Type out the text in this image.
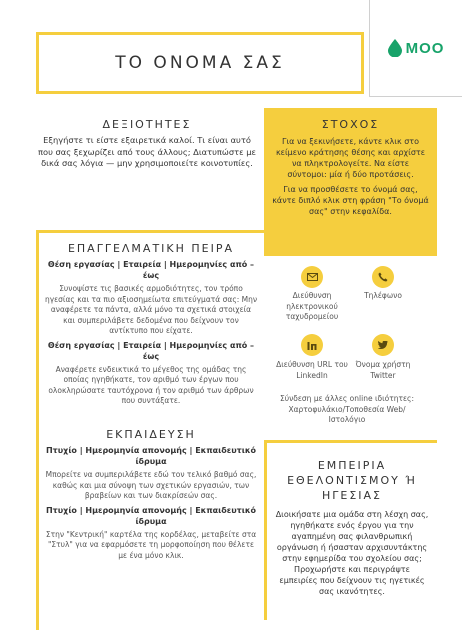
ΤΟ ΟΝΟΜΑ ΣΑΣ
MOO
ΔΕΞΙΟΤΗΤΕΣ
Εξηγήστε τι είστε εξαιρετικά καλοί. Τι είναι αυτό που σας ξεχωρίζει από τους άλλους; Διατυπώστε με δικά σας λόγια — μην χρησιμοποιείτε κοινοτυπίες.
ΣΤΟΧΟΣ
Για να ξεκινήσετε, κάντε κλικ στο κείμενο κράτησης θέσης και αρχίστε να πληκτρολογείτε. Να είστε σύντομοι: μία ή δύο προτάσεις.
Για να προσθέσετε το όνομά σας, κάντε διπλό κλικ στη φράση "Το όνομά σας" στην κεφαλίδα.
ΕΠΑΓΓΕΛΜΑΤΙΚΗ ΠΕΙΡΑ
Θέση εργασίας | Εταιρεία | Ημερομηνίες από – έως
Συνοψίστε τις βασικές αρμοδιότητες, τον τρόπο ηγεσίας και τα πιο αξιοσημείωτα επιτεύγματά σας: Μην αναφέρετε τα πάντα, αλλά μόνο τα σχετικά στοιχεία και συμπεριλάβετε δεδομένα που δείχνουν τον αντίκτυπο που είχατε.
Θέση εργασίας | Εταιρεία | Ημερομηνίες από – έως
Αναφέρετε ενδεικτικά το μέγεθος της ομάδας της οποίας ηγηθήκατε, τον αριθμό των έργων που ολοκληρώσατε ταυτόχρονα ή τον αριθμό των άρθρων που συντάξατε.
ΕΚΠΑΙΔΕΥΣΗ
Πτυχίο | Ημερομηνία απονομής | Εκπαιδευτικό ίδρυμα
Μπορείτε να συμπεριλάβετε εδώ τον τελικό βαθμό σας, καθώς και μια σύνοψη των σχετικών εργασιών, των βραβείων και των διακρίσεών σας.
Πτυχίο | Ημερομηνία απονομής | Εκπαιδευτικό ίδρυμα
Στην "Κεντρική" καρτέλα της κορδέλας, μεταβείτε στα "Στυλ" για να εφαρμόσετε τη μορφοποίηση που θέλετε με ένα μόνο κλικ.
Διεύθυνση ηλεκτρονικού ταχυδρομείου
Τηλέφωνο
Διεύθυνση URL του LinkedIn
Όνομα χρήστη Twitter
Σύνδεση με άλλες online ιδιότητες: Χαρτοφυλάκιο/Τοποθεσία Web/Ιστολόγιο
ΕΜΠΕΙΡΙΑ ΕΘΕΛΟΝΤΙΣΜΟΥ Ή ΗΓΕΣΙΑΣ
Διοικήσατε μια ομάδα στη λέσχη σας, ηγηθήκατε ενός έργου για την αγαπημένη σας φιλανθρωπική οργάνωση ή ήσασταν αρχισυντάκτης στην εφημερίδα του σχολείου σας; Προχωρήστε και περιγράψτε εμπειρίες που δείχνουν τις ηγετικές σας ικανότητες.
